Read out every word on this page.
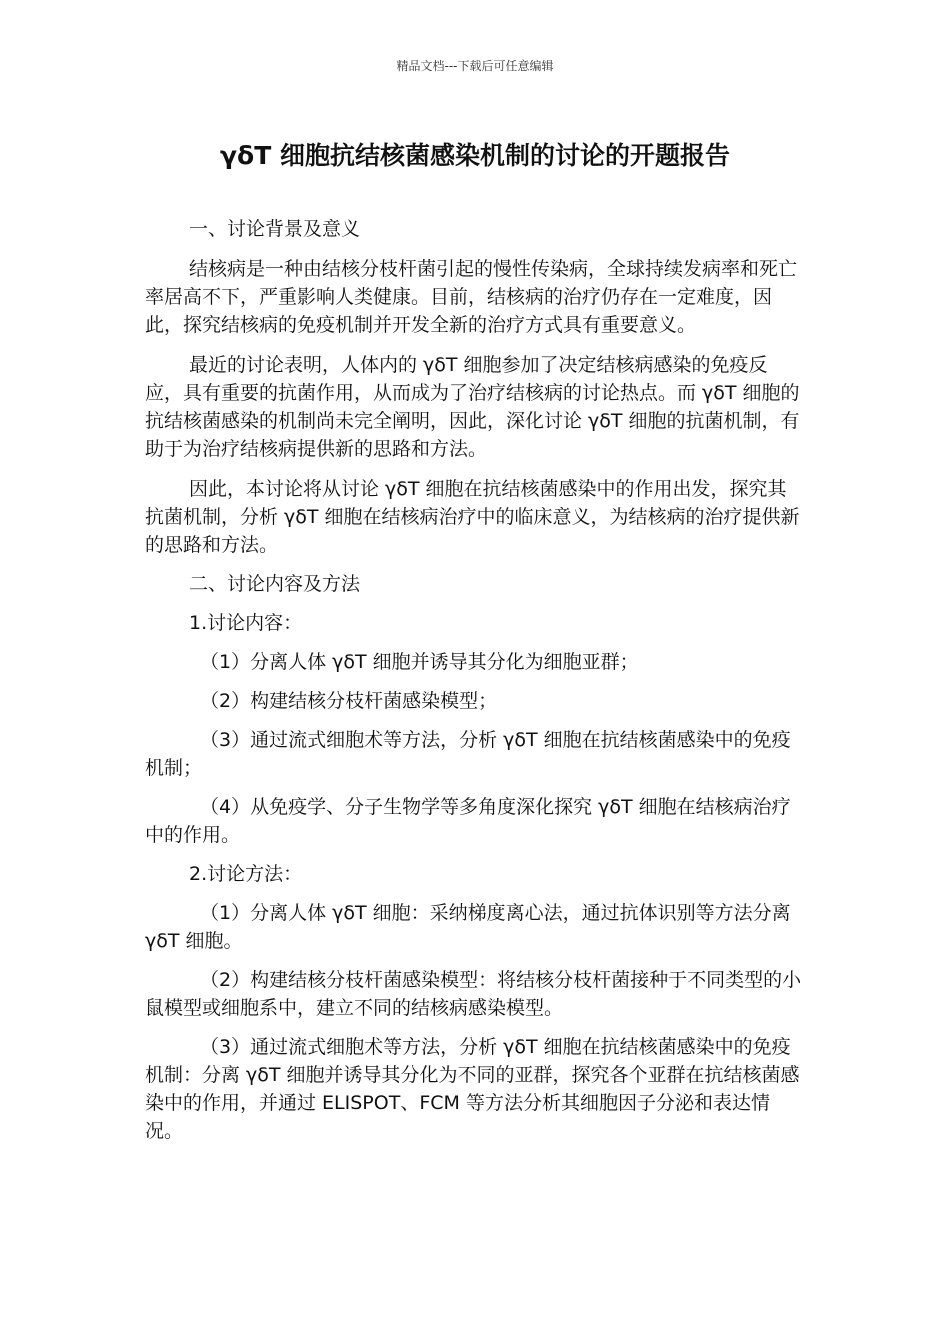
精品文档---下载后可任意编辑
γδT 细胞抗结核菌感染机制的讨论的开题报告

一、讨论背景及意义

结核病是一种由结核分枝杆菌引起的慢性传染病，全球持续发病率和死亡率居高不下，严重影响人类健康。目前，结核病的治疗仍存在一定难度，因此，探究结核病的免疫机制并开发全新的治疗方式具有重要意义。

最近的讨论表明，人体内的 γδT 细胞参加了决定结核病感染的免疫反应，具有重要的抗菌作用，从而成为了治疗结核病的讨论热点。而 γδT 细胞的抗结核菌感染的机制尚未完全阐明，因此，深化讨论 γδT 细胞的抗菌机制，有助于为治疗结核病提供新的思路和方法。

因此，本讨论将从讨论 γδT 细胞在抗结核菌感染中的作用出发，探究其抗菌机制，分析 γδT 细胞在结核病治疗中的临床意义，为结核病的治疗提供新的思路和方法。

二、讨论内容及方法

1.讨论内容：

（1）分离人体 γδT 细胞并诱导其分化为细胞亚群；

（2）构建结核分枝杆菌感染模型；

（3）通过流式细胞术等方法，分析 γδT 细胞在抗结核菌感染中的免疫机制；

（4）从免疫学、分子生物学等多角度深化探究 γδT 细胞在结核病治疗中的作用。

2.讨论方法：

（1）分离人体 γδT 细胞：采纳梯度离心法，通过抗体识别等方法分离 γδT 细胞。

（2）构建结核分枝杆菌感染模型：将结核分枝杆菌接种于不同类型的小鼠模型或细胞系中，建立不同的结核病感染模型。

（3）通过流式细胞术等方法，分析 γδT 细胞在抗结核菌感染中的免疫机制：分离 γδT 细胞并诱导其分化为不同的亚群，探究各个亚群在抗结核菌感染中的作用，并通过 ELISPOT、FCM 等方法分析其细胞因子分泌和表达情况。
